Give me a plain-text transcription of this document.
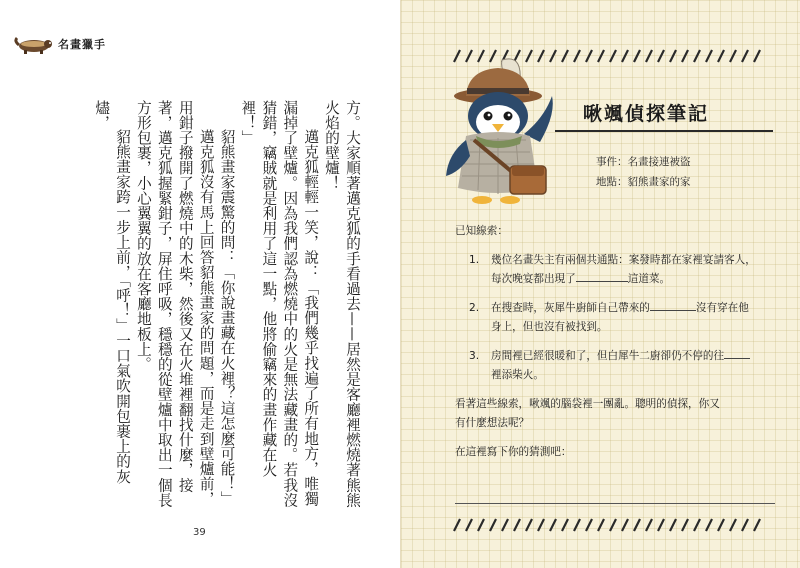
名畫獵手

方。大家順著邁克狐的手看過去——居然是客廳裡燃燒著熊熊火焰的壁爐！

邁克狐輕輕一笑，說：「我們幾乎找遍了所有地方，唯獨漏掉了壁爐。因為我們認為燃燒中的火是無法藏畫的。若我沒猜錯，竊賊就是利用了這一點，他將偷竊來的畫作藏在火裡！」

貂熊畫家震驚的問：「你說畫藏在火裡？這怎麼可能！」

邁克狐沒有馬上回答貂熊畫家的問題，而是走到壁爐前，用鉗子撥開了燃燒中的木柴，然後又在火堆裡翻找什麼，接著，邁克狐握緊鉗子，屏住呼吸，穩穩的從壁爐中取出一個長方形包裹，小心翼翼的放在客廳地板上。

貂熊畫家跨一步上前，「呼！」一口氣吹開包裹上的灰燼，

39
啾颯偵探筆記
事件：名畫接連被盜
地點：貂熊畫家的家
已知線索：
1.	幾位名畫失主有兩個共通點：案發時都在家裡宴請客人，
每次晚宴都出現了	這道菜。
2.	在搜查時，灰犀牛廚師自己帶來的	沒有穿在他
身上，但也沒有被找到。
3.	房間裡已經很暖和了，但白犀牛二廚卻仍不停的往
裡添柴火。
看著這些線索，啾颯的腦袋裡一團亂。聰明的偵探，你又
有什麼想法呢？
在這裡寫下你的猜測吧：
